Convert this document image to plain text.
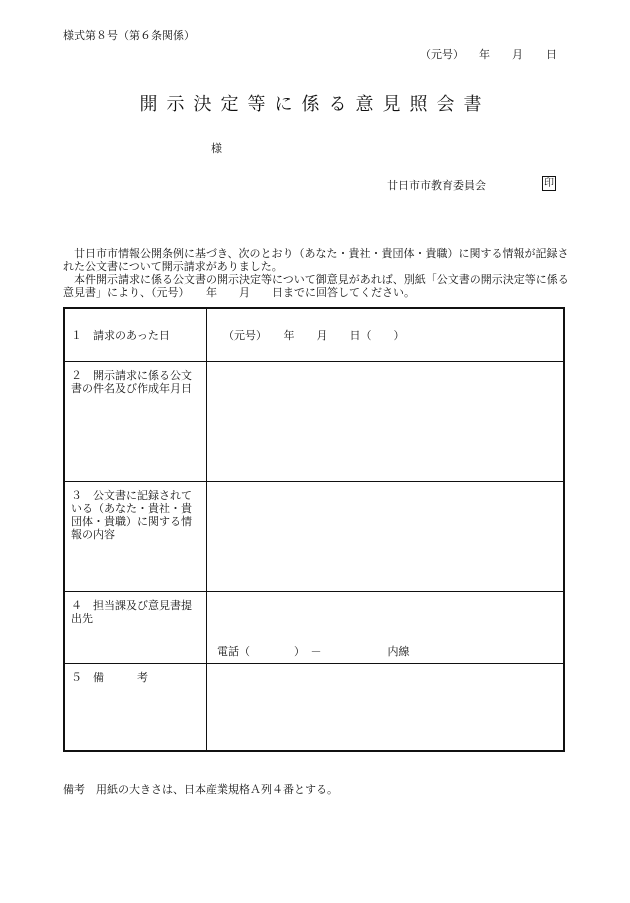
様式第８号（第６条関係）
（元号） 年 月 日
開示決定等に係る意見照会書
様
廿日市市教育委員会	印

廿日市市情報公開条例に基づき、次のとおり（あなた・貴社・貴団体・貴職）に関する情報が記録された公文書について開示請求がありました。

本件開示請求に係る公文書の開示決定等について御意見があれば、別紙「公文書の開示決定等に係る意見書」により、（元号）　　年　　月　　日までに回答してください。

１　請求のあった日	（元号）　　年　　月　　日（　　）
２　開示請求に係る公文書の件名及び作成年月日
３　公文書に記録されている（あなた・貴社・貴団体・貴職）に関する情報の内容
４　担当課及び意見書提出先
電話（　　　　）　－　　　　　　内線
５　備　　　考
備考　用紙の大きさは、日本産業規格Ａ列４番とする。
